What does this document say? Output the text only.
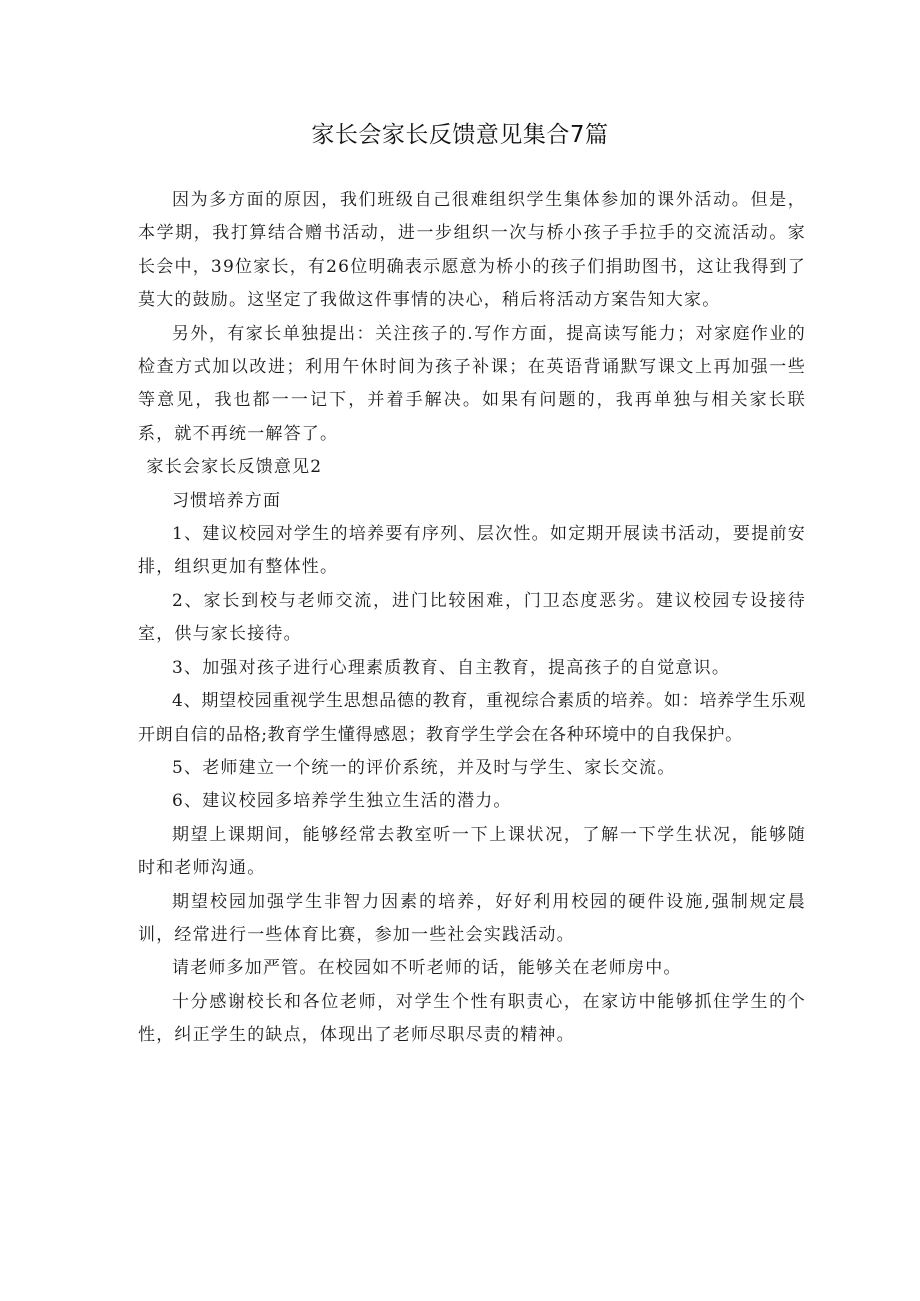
家长会家长反馈意见集合7篇

因为多方面的原因，我们班级自己很难组织学生集体参加的课外活动。但是，本学期，我打算结合赠书活动，进一步组织一次与桥小孩子手拉手的交流活动。家长会中，39位家长，有26位明确表示愿意为桥小的孩子们捐助图书，这让我得到了莫大的鼓励。这坚定了我做这件事情的决心，稍后将活动方案告知大家。

另外，有家长单独提出：关注孩子的.写作方面，提高读写能力；对家庭作业的检查方式加以改进；利用午休时间为孩子补课；在英语背诵默写课文上再加强一些等意见，我也都一一记下，并着手解决。如果有问题的，我再单独与相关家长联系，就不再统一解答了。

家长会家长反馈意见2

习惯培养方面

1、建议校园对学生的培养要有序列、层次性。如定期开展读书活动，要提前安排，组织更加有整体性。

2、家长到校与老师交流，进门比较困难，门卫态度恶劣。建议校园专设接待室，供与家长接待。

3、加强对孩子进行心理素质教育、自主教育，提高孩子的自觉意识。

4、期望校园重视学生思想品德的教育，重视综合素质的培养。如：培养学生乐观开朗自信的品格;教育学生懂得感恩；教育学生学会在各种环境中的自我保护。

5、老师建立一个统一的评价系统，并及时与学生、家长交流。

6、建议校园多培养学生独立生活的潜力。

期望上课期间，能够经常去教室听一下上课状况，了解一下学生状况，能够随时和老师沟通。

期望校园加强学生非智力因素的培养，好好利用校园的硬件设施,强制规定晨训，经常进行一些体育比赛，参加一些社会实践活动。

请老师多加严管。在校园如不听老师的话，能够关在老师房中。

十分感谢校长和各位老师，对学生个性有职责心，在家访中能够抓住学生的个性，纠正学生的缺点，体现出了老师尽职尽责的精神。
